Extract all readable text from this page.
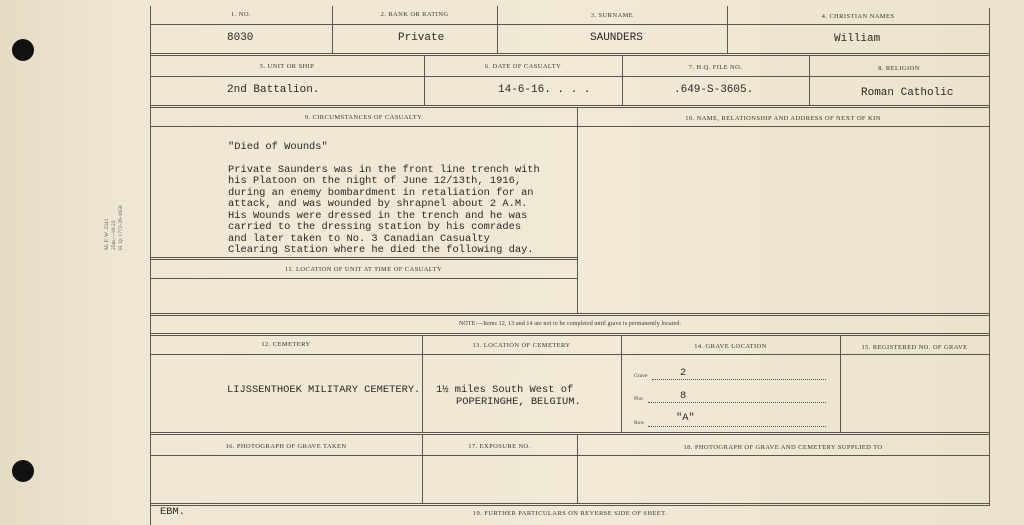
M. F. W. 2341 25m.—10-22 H. Q. 1772-39-1658
1. NO.	2. RANK OR RATING	3. SURNAME	4. CHRISTIAN NAMES
8030	Private	SAUNDERS	William
5. UNIT OR SHIP	6. DATE OF CASUALTY	7. H.Q. FILE NO.	8. RELIGION
2nd Battalion.	14-6-16. . . .	.649-S-3605.	Roman Catholic
9. CIRCUMSTANCES OF CASUALTY	10. NAME, RELATIONSHIP AND ADDRESS OF NEXT OF KIN

"Died of Wounds"

Private Saunders was in the front line trench with
his Platoon on the night of June 12/13th, 1916,
during an enemy bombardment in retaliation for an
attack, and was wounded by shrapnel about 2 A.M.
His Wounds were dressed in the trench and he was
carried to the dressing station by his comrades
and later taken to No. 3 Canadian Casualty
Clearing Station where he died the following day.

11. LOCATION OF UNIT AT TIME OF CASUALTY
NOTE:—Items 12, 13 and 14 are not to be completed until grave is permanently located.
12. CEMETERY	13. LOCATION OF CEMETERY	14. GRAVE LOCATION	15. REGISTERED NO. OF GRAVE
LIJSSENTHOEK MILITARY CEMETERY. 1½ miles South West of
POPERINGHE, BELGIUM.
Grave	2
Plot	8
Row	"A"
16. PHOTOGRAPH OF GRAVE TAKEN	17. EXPOSURE NO.	18. PHOTOGRAPH OF GRAVE AND CEMETERY SUPPLIED TO
EBM.	19. FURTHER PARTICULARS ON REVERSE SIDE OF SHEET.
